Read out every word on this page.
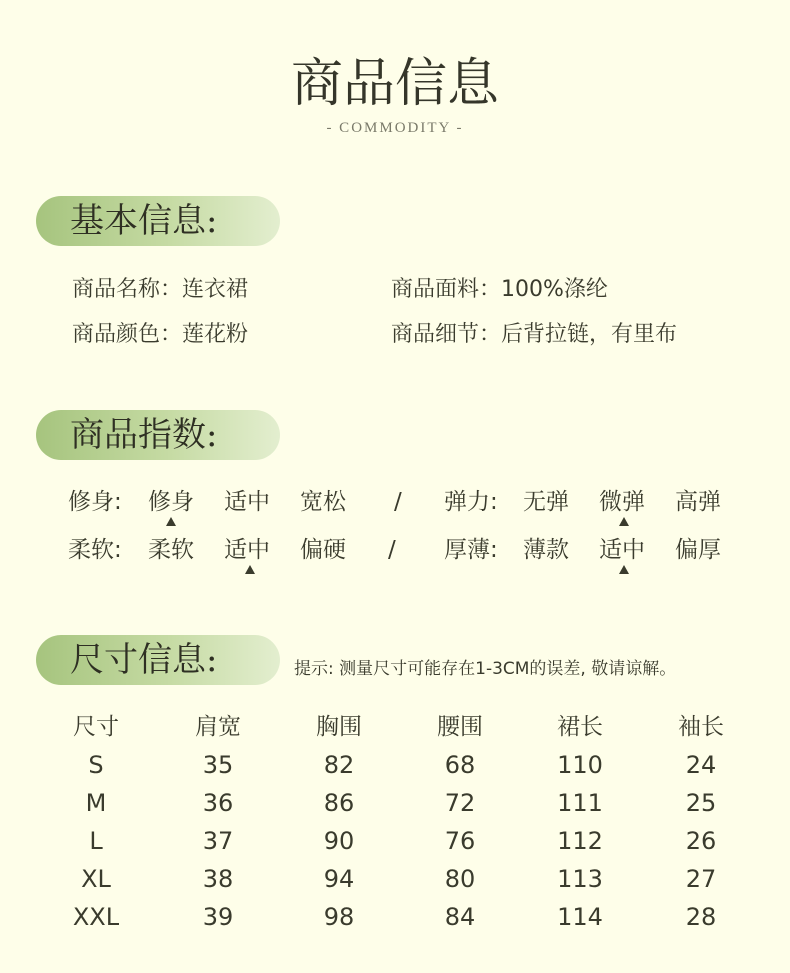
商品信息
- COMMODITY -
基本信息:
商品名称：连衣裙	商品面料：100%涤纶
商品颜色：莲花粉	商品细节：后背拉链，有里布
商品指数:
修身: 修身 适中 宽松 / 弹力: 无弹 微弹 高弹
柔软: 柔软 适中 偏硬 / 厚薄: 薄款 适中 偏厚
尺寸信息:	提示: 测量尺寸可能存在1-3CM的误差, 敬请谅解。
尺寸	肩宽	胸围	腰围	裙长	袖长
S	35	82	68	110	24
M	36	86	72	111	25
L	37	90	76	112	26
XL	38	94	80	113	27
XXL	39	98	84	114	28
